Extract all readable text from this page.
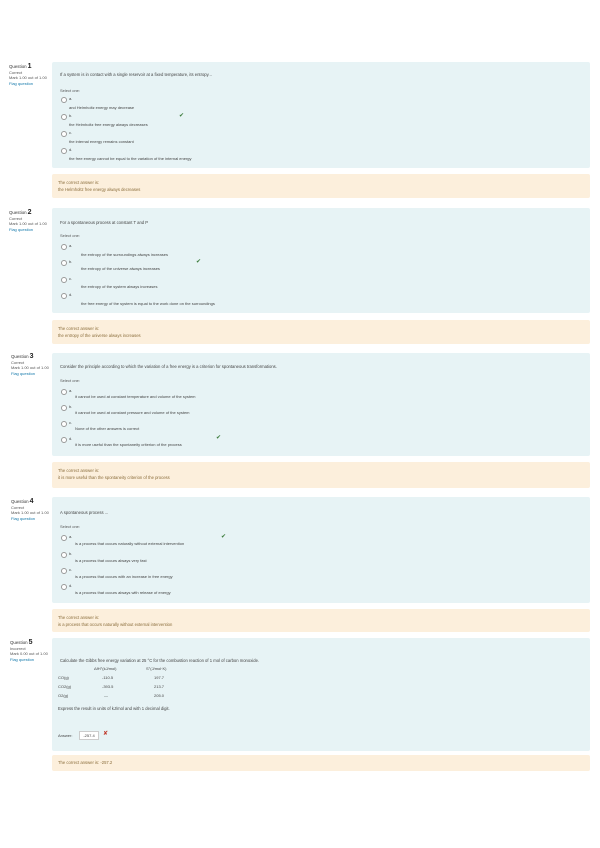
Question1
Correct
Mark 1.00 out of 1.00
Flag question
If a system is in contact with a single reservoir at a fixed temperature, its entropy...
Select one:
a.
and Helmholtz energy may decrease
b.
the Helmholtz free energy always decreases
✔
c.
the internal energy remains constant
d.
the free energy cannot be equal to the variation of the internal energy
The correct answer is:
the Helmholtz free energy always decreases
Question2
Correct
Mark 1.00 out of 1.00
Flag question
For a spontaneous process at constant T and P
Select one:
a.
the entropy of the surroundings always increases
b.
the entropy of the universe always increases
✔
c.
the entropy of the system always increases
d.
the free energy of the system is equal to the work done on the surroundings
The correct answer is:
the entropy of the universe always increases
Question3
Correct
Mark 1.00 out of 1.00
Flag question
Consider the principle according to which the variation of a free energy is a criterion for spontaneous transformations.
Select one:
a.
it cannot be used at constant temperature and volume of the system
b.
it cannot be used at constant pressure and volume of the system
c.
None of the other answers is correct
d.
it is more useful than the spontaneity criterion of the process
✔
The correct answer is:
it is more useful than the spontaneity criterion of the process
Question4
Correct
Mark 1.00 out of 1.00
Flag question
A spontaneous process ...
Select one:
a.
is a process that occurs naturally without external intervention
✔
b.
is a process that occurs always very fast
c.
is a process that occurs with an increase in free energy
d.
is a process that occurs always with release of energy
The correct answer is:
is a process that occurs naturally without external intervention
Question5
Incorrect
Mark 0.00 out of 1.00
Flag question	Calculate the Gibbs free energy variation at 25 °C for the combustion reaction of 1 mol of carbon monoxide.
ΔfH°(kJ/mol)	S°(J/mol·K)
CO(g)	-110.5	197.7
CO2(g)	-393.5	213.7
O2(g)	—	205.0
Express the result in units of kJ/mol and with 1 decimal digit.
Answer:	-257.4	✘
The correct answer is: -257.2
